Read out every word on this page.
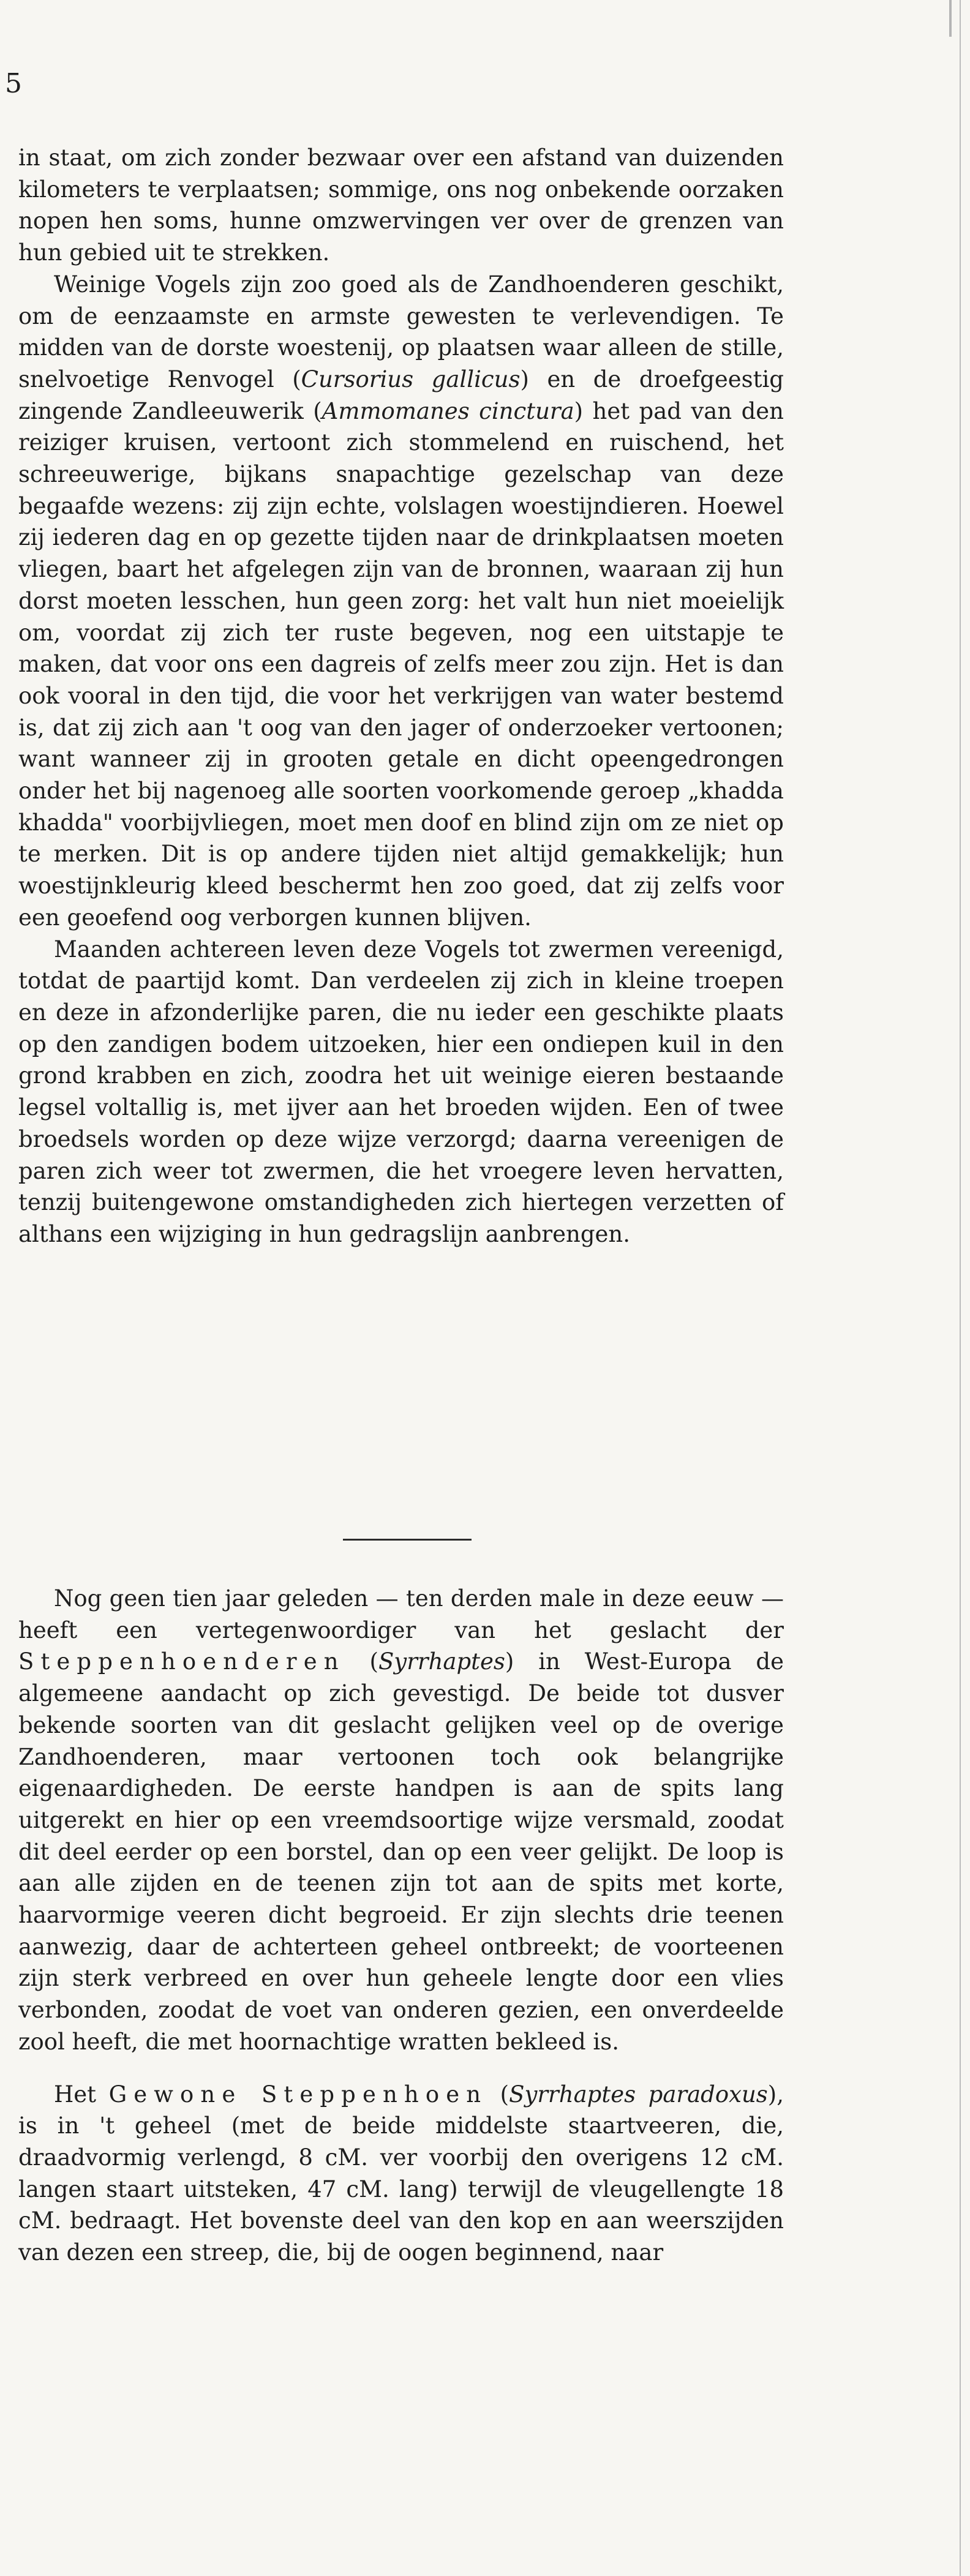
5

in staat, om zich zonder bezwaar over een afstand van duizenden kilometers te verplaatsen; sommige, ons nog onbekende oorzaken nopen hen soms, hunne omzwervingen ver over de grenzen van hun gebied uit te strekken.

Weinige Vogels zijn zoo goed als de Zandhoenderen geschikt, om de eenzaamste en armste gewesten te verlevendigen. Te midden van de dorste woestenij, op plaatsen waar alleen de stille, snelvoetige Renvogel (Cursorius gallicus) en de droefgeestig zingende Zandleeuwerik (Ammomanes cinctura) het pad van den reiziger kruisen, vertoont zich stommelend en ruischend, het schreeuwerige, bijkans snapachtige gezelschap van deze begaafde wezens: zij zijn echte, volslagen woestijndieren. Hoewel zij iederen dag en op gezette tijden naar de drinkplaatsen moeten vliegen, baart het afgelegen zijn van de bronnen, waaraan zij hun dorst moeten lesschen, hun geen zorg: het valt hun niet moeielijk om, voordat zij zich ter ruste begeven, nog een uitstapje te maken, dat voor ons een dagreis of zelfs meer zou zijn. Het is dan ook vooral in den tijd, die voor het verkrijgen van water bestemd is, dat zij zich aan 't oog van den jager of onderzoeker vertoonen; want wanneer zij in grooten getale en dicht opeengedrongen onder het bij nagenoeg alle soorten voorkomende geroep „khadda khadda" voorbijvliegen, moet men doof en blind zijn om ze niet op te merken. Dit is op andere tijden niet altijd gemakkelijk; hun woestijnkleurig kleed beschermt hen zoo goed, dat zij zelfs voor een geoefend oog verborgen kunnen blijven.

Maanden achtereen leven deze Vogels tot zwermen vereenigd, totdat de paartijd komt. Dan verdeelen zij zich in kleine troepen en deze in afzonderlijke paren, die nu ieder een geschikte plaats op den zandigen bodem uitzoeken, hier een ondiepen kuil in den grond krabben en zich, zoodra het uit weinige eieren bestaande legsel voltallig is, met ijver aan het broeden wijden. Een of twee broedsels worden op deze wijze verzorgd; daarna vereenigen de paren zich weer tot zwermen, die het vroegere leven hervatten, tenzij buitengewone omstandigheden zich hiertegen verzetten of althans een wijziging in hun gedragslijn aanbrengen.

Nog geen tien jaar geleden — ten derden male in deze eeuw — heeft een vertegenwoordiger van het geslacht der Steppenhoenderen (Syrrhaptes) in West-Europa de algemeene aandacht op zich gevestigd. De beide tot dusver bekende soorten van dit geslacht gelijken veel op de overige Zandhoenderen, maar vertoonen toch ook belangrijke eigenaardigheden. De eerste handpen is aan de spits lang uitgerekt en hier op een vreemdsoortige wijze versmald, zoodat dit deel eerder op een borstel, dan op een veer gelijkt. De loop is aan alle zijden en de teenen zijn tot aan de spits met korte, haarvormige veeren dicht begroeid. Er zijn slechts drie teenen aanwezig, daar de achterteen geheel ontbreekt; de voorteenen zijn sterk verbreed en over hun geheele lengte door een vlies verbonden, zoodat de voet van onderen gezien, een onverdeelde zool heeft, die met hoornachtige wratten bekleed is.

Het Gewone Steppenhoen (Syrrhaptes paradoxus), is in 't geheel (met de beide middelste staartveeren, die, draadvormig verlengd, 8 cM. ver voorbij den overigens 12 cM. langen staart uitsteken, 47 cM. lang) terwijl de vleugellengte 18 cM. bedraagt. Het bovenste deel van den kop en aan weerszijden van dezen een streep, die, bij de oogen beginnend, naar
